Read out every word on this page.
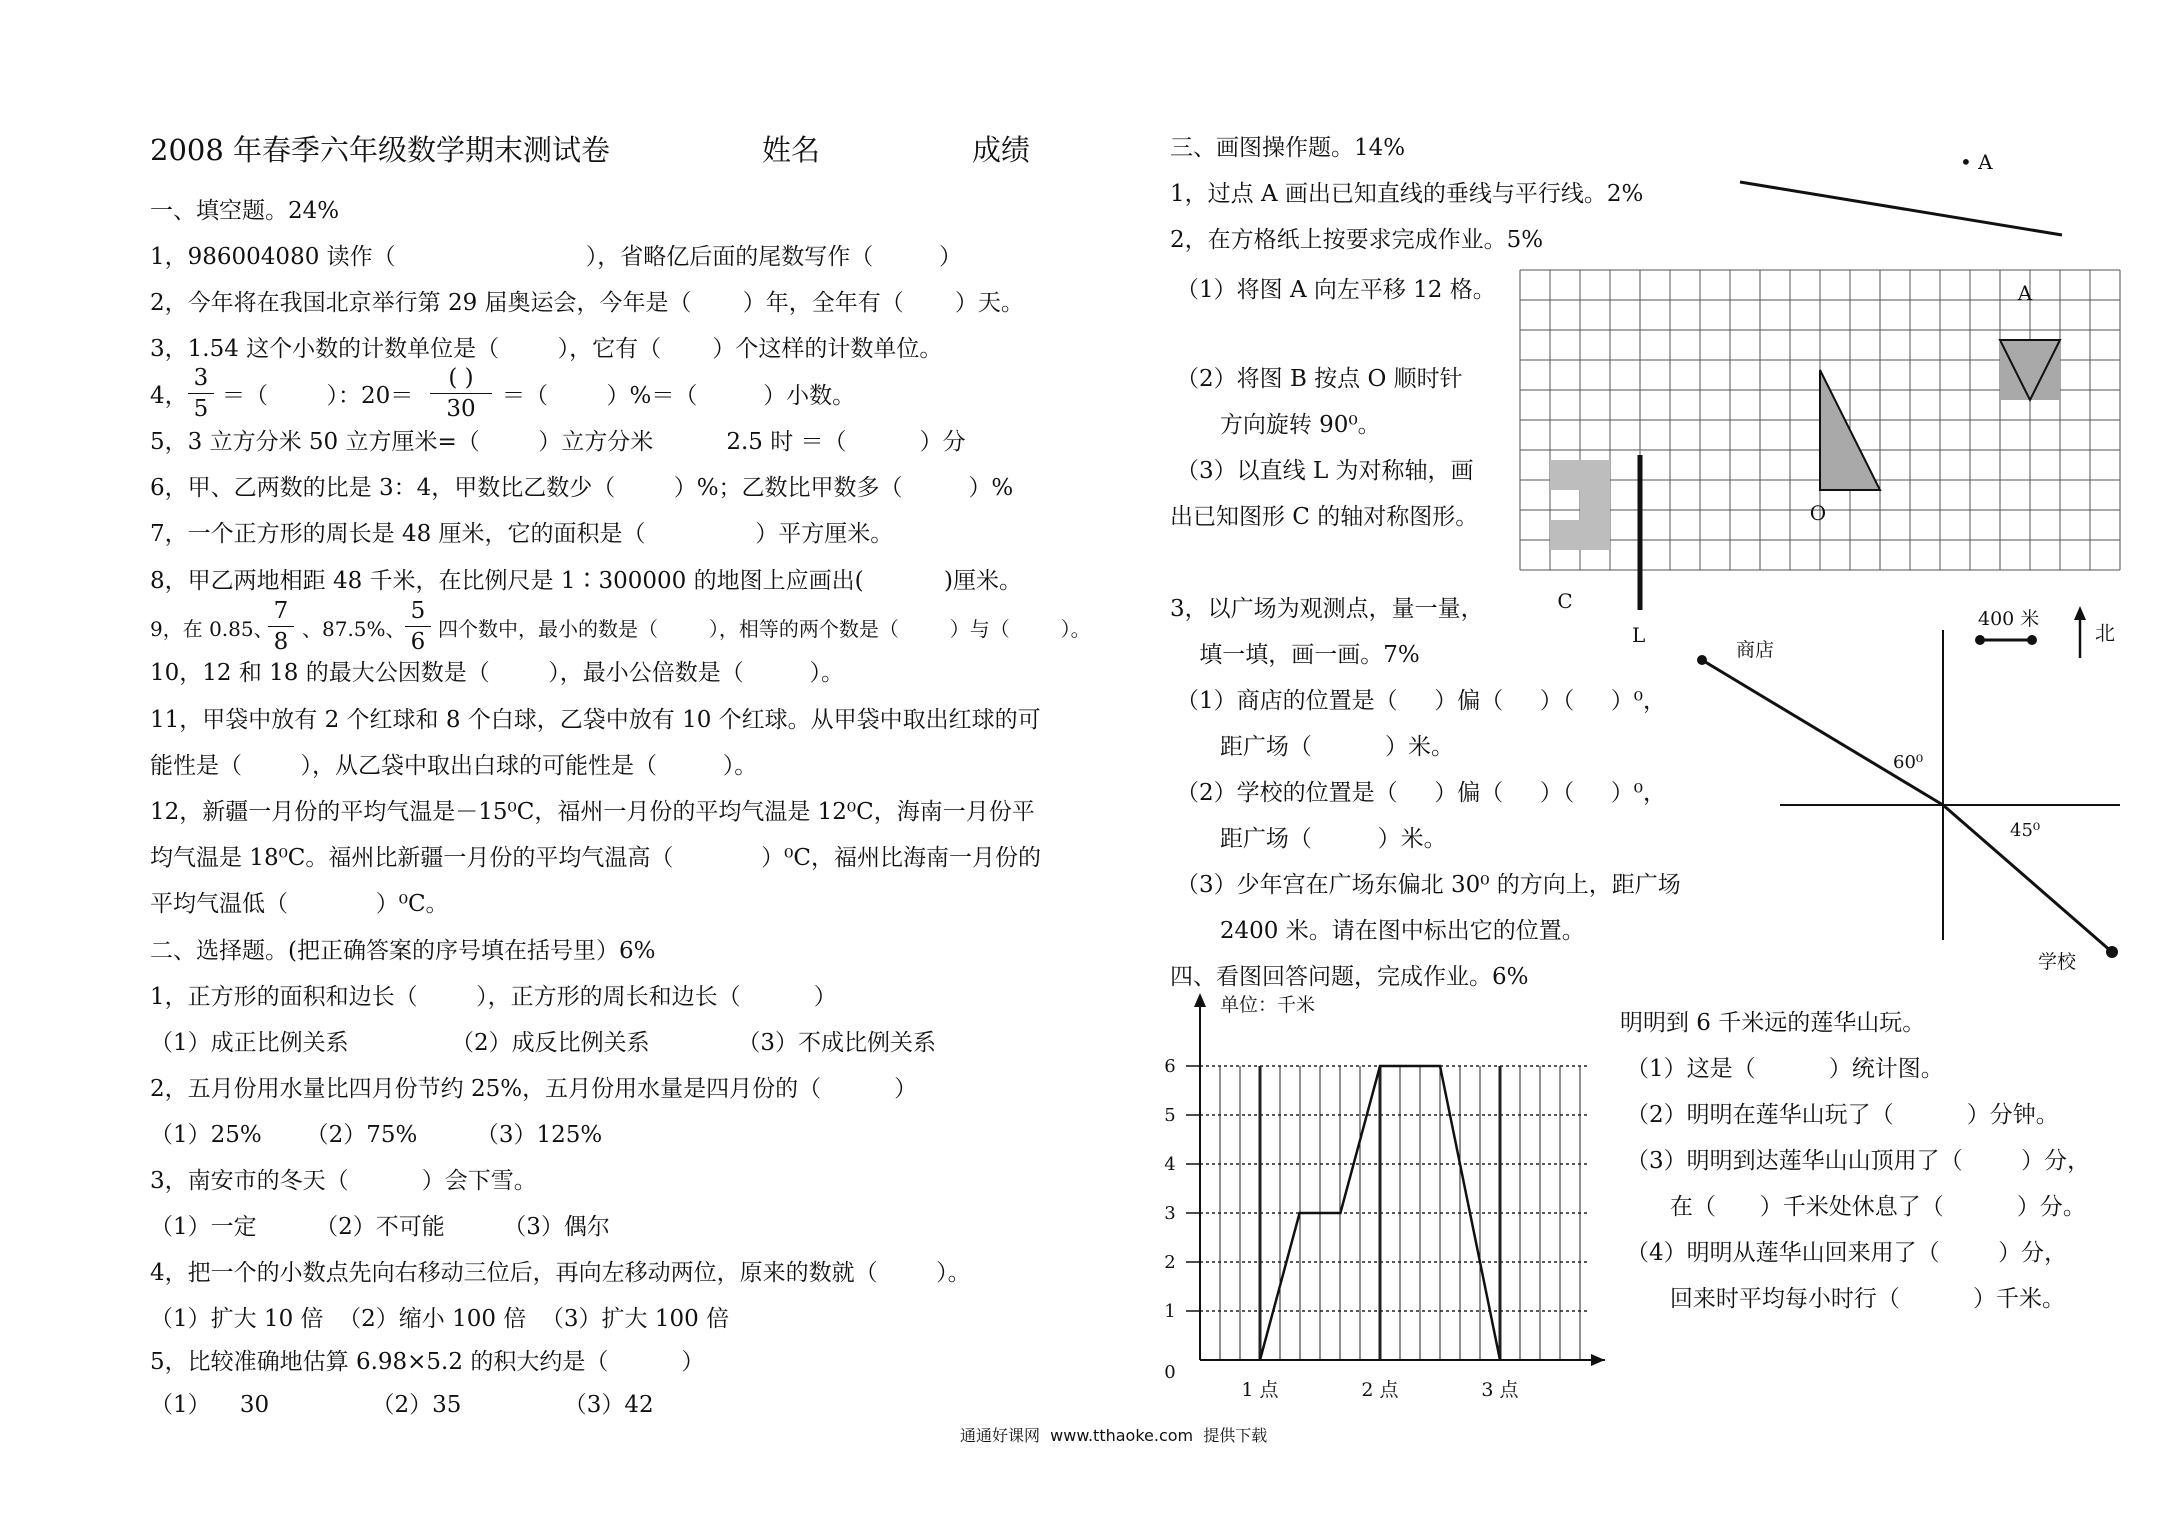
2008 年春季六年级数学期末测试卷	姓名	成绩
一、填空题。24%
1，986004080 读作（                          ），省略亿后面的尾数写作（         ）
2，今年将在我国北京举行第 29 届奥运会，今年是（       ）年，全年有（       ）天。
3，1.54 这个小数的计数单位是（        ），它有（       ）个这样的计数单位。
4，
3
5 ＝（        ）：20＝
( )
30	＝（        ）%＝（         ）小数。
5，3 立方分米 50 立方厘米=（        ）立方分米          2.5 时 ＝（          ）分
6，甲、乙两数的比是 3：4，甲数比乙数少（        ）%；乙数比甲数多（         ）%
7，一个正方形的周长是 48 厘米，它的面积是（               ）平方厘米。
8，甲乙两地相距 48 千米，在比例尺是 1∶300000 的地图上应画出(           )厘米。
9，在 0.85、
7
8 、87.5%、
5
6 四个数中，最小的数是（        ），相等的两个数是（        ）与（        ）。
10，12 和 18 的最大公因数是（        ），最小公倍数是（         ）。
11，甲袋中放有 2 个红球和 8 个白球，乙袋中放有 10 个红球。从甲袋中取出红球的可
能性是（        ），从乙袋中取出白球的可能性是（         ）。
12，新疆一月份的平均气温是－15⁰C，福州一月份的平均气温是 12⁰C，海南一月份平
均气温是 18⁰C。福州比新疆一月份的平均气温高（            ）⁰C，福州比海南一月份的
平均气温低（            ）⁰C。
二、选择题。(把正确答案的序号填在括号里）6%
1，正方形的面积和边长（        ），正方形的周长和边长（          ）
（1）成正比例关系              （2）成反比例关系            （3）不成比例关系
2，五月份用水量比四月份节约 25%，五月份用水量是四月份的（          ）
（1）25%      （2）75%        （3）125%
3，南安市的冬天（          ）会下雪。
（1）一定        （2）不可能        （3）偶尔
4，把一个的小数点先向右移动三位后，再向左移动两位，原来的数就（        ）。
（1）扩大 10 倍  （2）缩小 100 倍  （3）扩大 100 倍
5，比较准确地估算 6.98×5.2 的积大约是（          ）
（1）    30              （2）35              （3）42
三、画图操作题。14%
1，过点 A 画出已知直线的垂线与平行线。2%
• A
2，在方格纸上按要求完成作业。5%
（1）将图 A 向左平移 12 格。
（2）将图 B 按点 O 顺时针
方向旋转 90⁰。
（3）以直线 L 为对称轴，画
出已知图形 C 的轴对称图形。
A
O
C
L
3，以广场为观测点，量一量，
填一填，画一画。7%
（1）商店的位置是（     ）偏（     ）（     ）⁰，
距广场（          ）米。
（2）学校的位置是（     ）偏（     ）（     ）⁰，
距广场（         ）米。
（3）少年宫在广场东偏北 30⁰ 的方向上，距广场
2400 米。请在图中标出它的位置。
400 米
北
商店
学校
60⁰
45⁰
四、看图回答问题，完成作业。6%
0
1
2
3
4
5
6
1 点	2 点	3 点
单位：千米
明明到 6 千米远的莲华山玩。
（1）这是（          ）统计图。
（2）明明在莲华山玩了（          ）分钟。
（3）明明到达莲华山山顶用了（        ）分，
在（      ）千米处休息了（          ）分。
（4）明明从莲华山回来用了（        ）分，
回来时平均每小时行（          ）千米。
通通好课网  www.tthaoke.com  提供下载
